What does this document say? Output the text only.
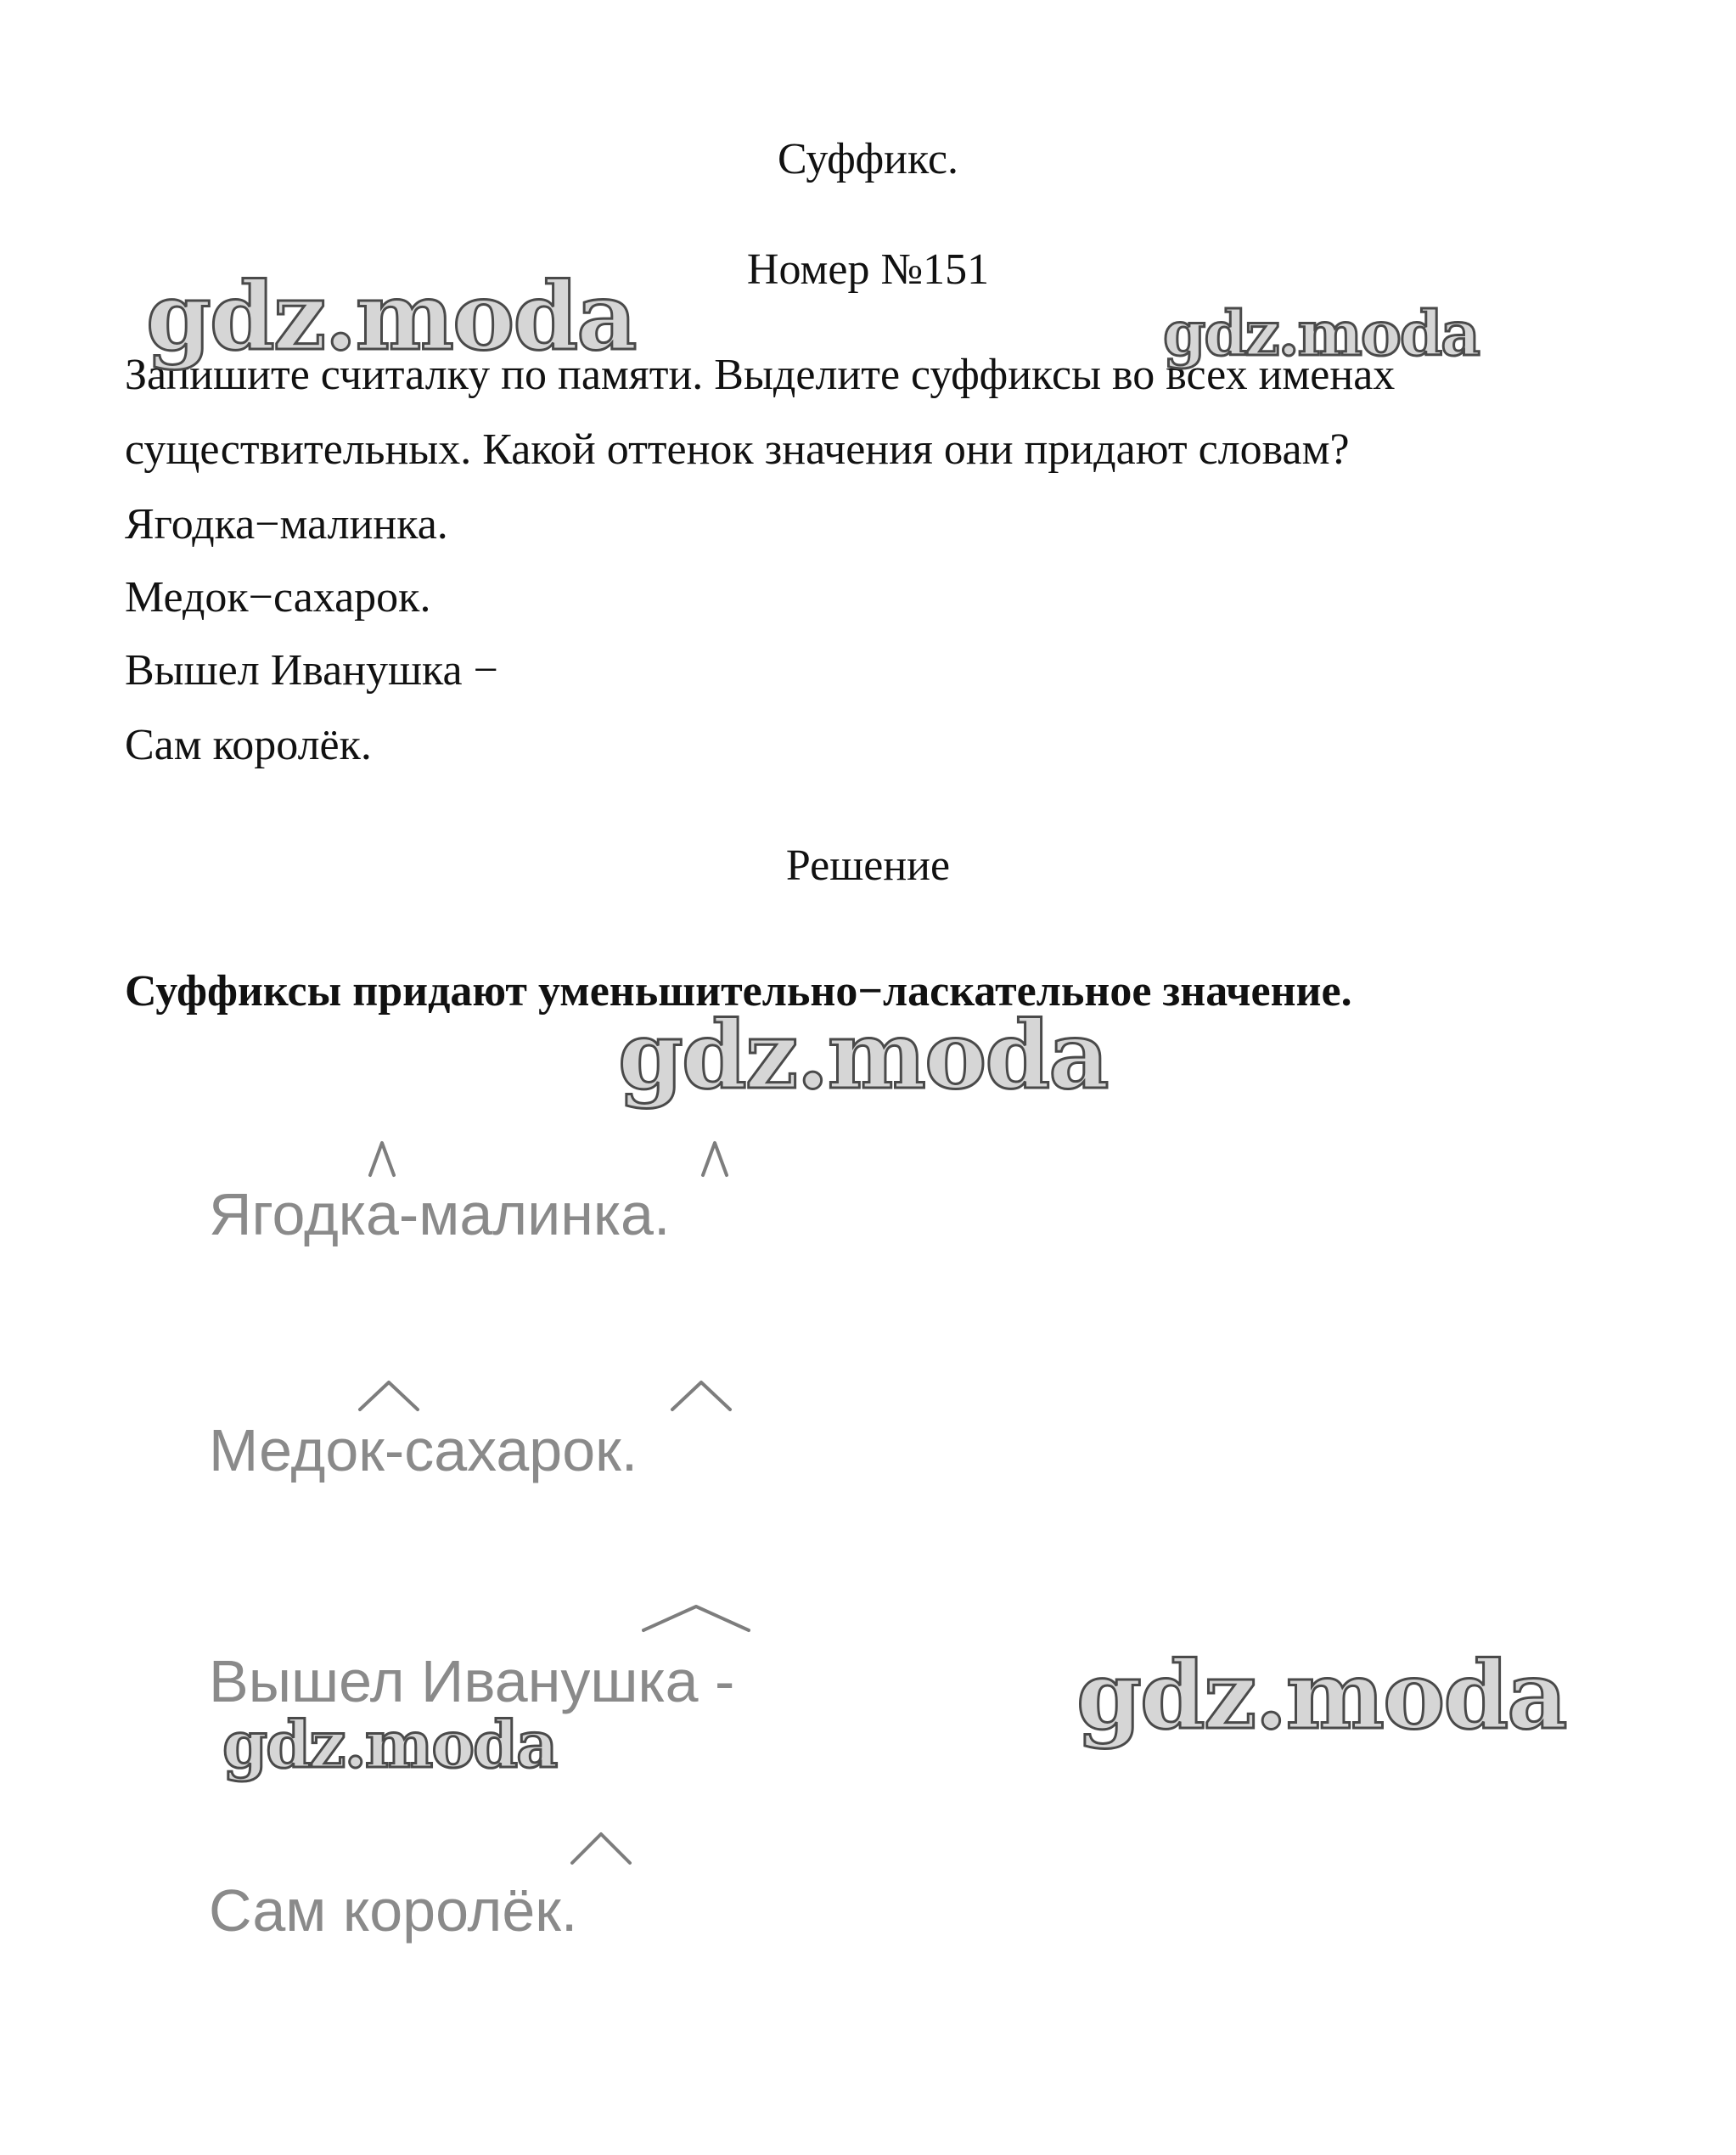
Суффикс.
Номер №151
Запишите считалку по памяти. Выделите суффиксы во всех именах
существительных. Какой оттенок значения они придают словам?
Ягодка−малинка.
Медок−сахарок.
Вышел Иванушка −
Сам королёк.
Решение
Суффиксы придают уменьшительно−ласкательное значение.
Ягодка-малинка.
Медок-сахарок.
Вышел Иванушка -
Сам королёк.
gdz.moda	gdz.moda
gdz.moda
gdz.moda
gdz.moda
